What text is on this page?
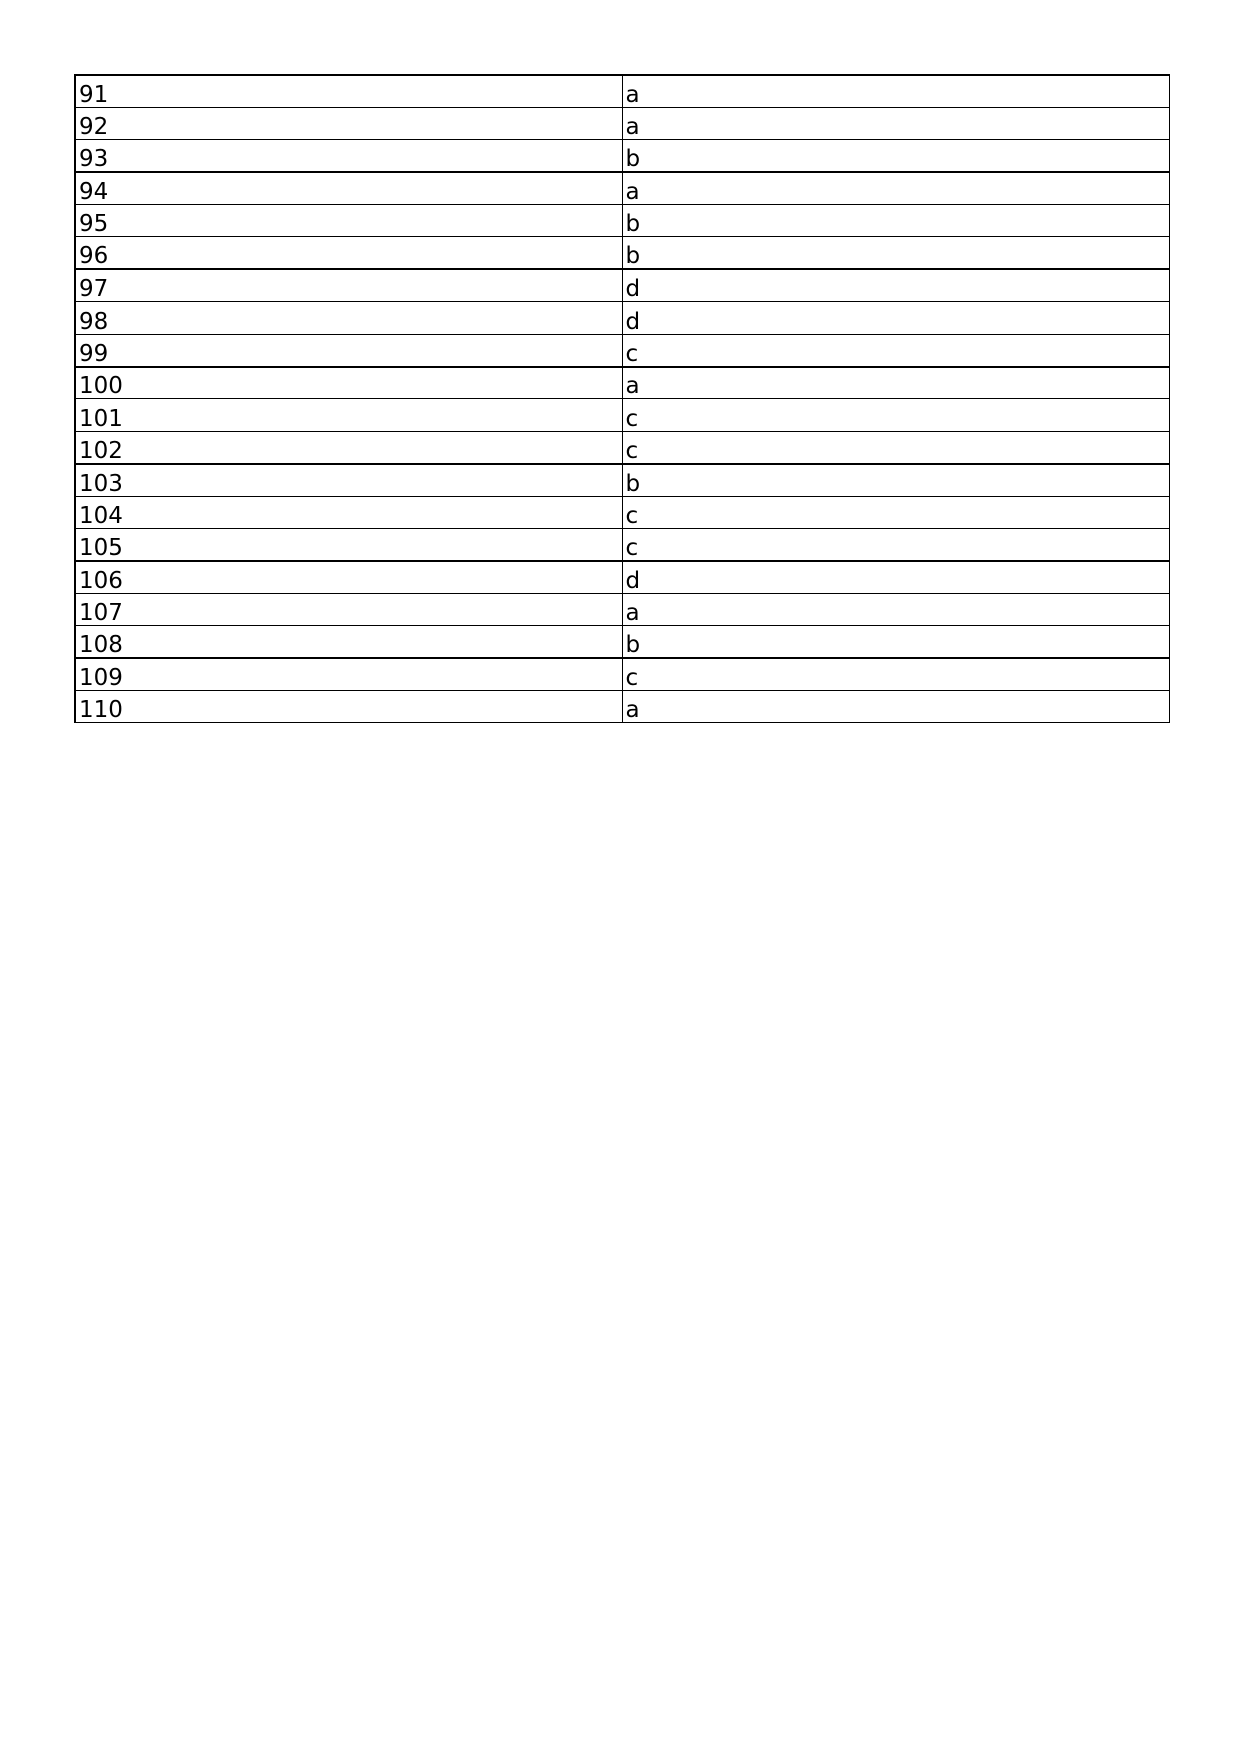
91	a
92	a
93	b
94	a
95	b
96	b
97	d
98	d
99	c
100	a
101	c
102	c
103	b
104	c
105	c
106	d
107	a
108	b
109	c
110	a
